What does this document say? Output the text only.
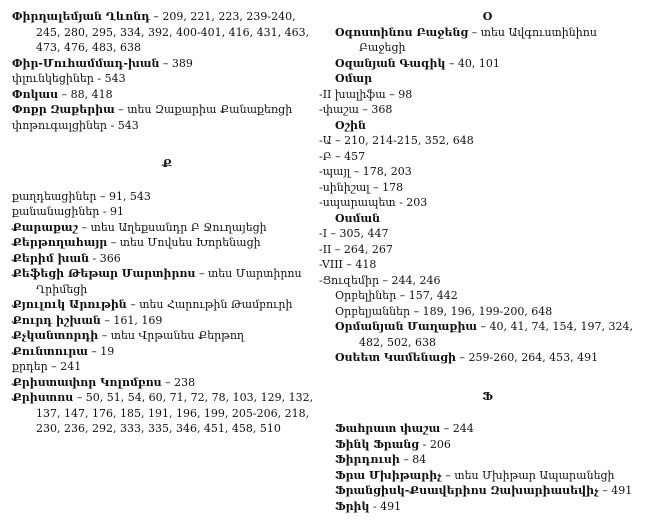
Փիրղալեմյան Ղևոնդ – 209, 221, 223, 239-240, 245, 280, 295, 334, 392, 400-401, 416, 431, 463, 473, 476, 483, 638
Փիր-Մուհամմադ-խան – 389
փլունկեցիներ - 543
Փոկաս – 88, 418
Փոքր Զաքերիա – տես Զաքարիա Քանաքեռցի
փոթուգալցիներ - 543
Ք
քաղդեացիներ – 91, 543
քանանացիներ - 91
Քարաքաշ – տես Աղեքսանդր Բ Ջուղայեցի
Քերթողահայր – տես Մովսես Խորենացի
Քերիմ խան - 366
Քեֆեցի Թեթար Մարտիրոս – տես Մարտիրոս Ղրիմեցի
Քյուլուկ Արութին – տես Հարութին Թամբուրի
Քուրդ իշխան – 161, 169
Քչկանտորդի – տես Վրթանես Քերթող
Քունտուրա – 19
քրդեր – 241
Քրիստափոր Կոլոմբոս – 238
Քրիստոս – 50, 51, 54, 60, 71, 72, 78, 103, 129, 132, 137, 147, 176, 185, 191, 196, 199, 205-206, 218, 230, 236, 292, 333, 335, 346, 451, 458, 510
Օ
Օգոստինոս Բաջենց – տես Ավգուստինիոս Բաջեցի
Օզանյան Գագիկ – 40, 101
Օմար
-II խալիֆա – 98
-փաշա – 368
Օշին
-Ա – 210, 214-215, 352, 648
-Բ – 457
-պայլ – 178, 203
-սինիշալ – 178
-սպարապետ - 203
Օսման
-I – 305, 447
-II – 264, 267
-VIII – 418
-Ցուզեմիր – 244, 246
Օրբելիներ – 157, 442
Օրբելյաններ – 189, 196, 199-200, 648
Օրմանյան Մաղաքիա – 40, 41, 74, 154, 197, 324, 482, 502, 638
Օսեետ Կամենացի – 259-260, 264, 453, 491
Ֆ
Ֆահրատ փաշա – 244
Ֆինկ Ֆրանց - 206
Ֆիրդուսի – 84
Ֆրա Մխիթարիչ – տես Մխիթար Ապարանեցի
Ֆրանցիսկ-Քսավերիոս Զախարիասեվիչ – 491
Ֆրիկ - 491
